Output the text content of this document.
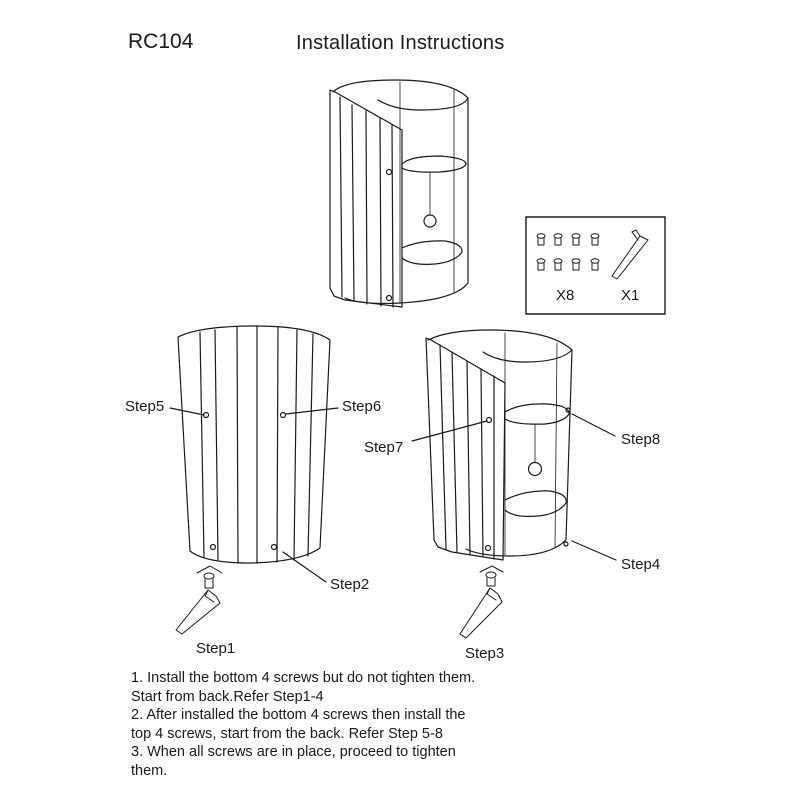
RC104	Installation Instructions
X8	X1
Step5	Step6
Step2
Step1
Step7	Step8
Step4
Step3

1. Install the bottom 4 screws but do not tighten them.

Start from back.Refer Step1-4

2. After installed the bottom 4 screws then install the

top 4 screws, start from the back. Refer Step 5-8

3. When all screws are in place, proceed to tighten

them.
